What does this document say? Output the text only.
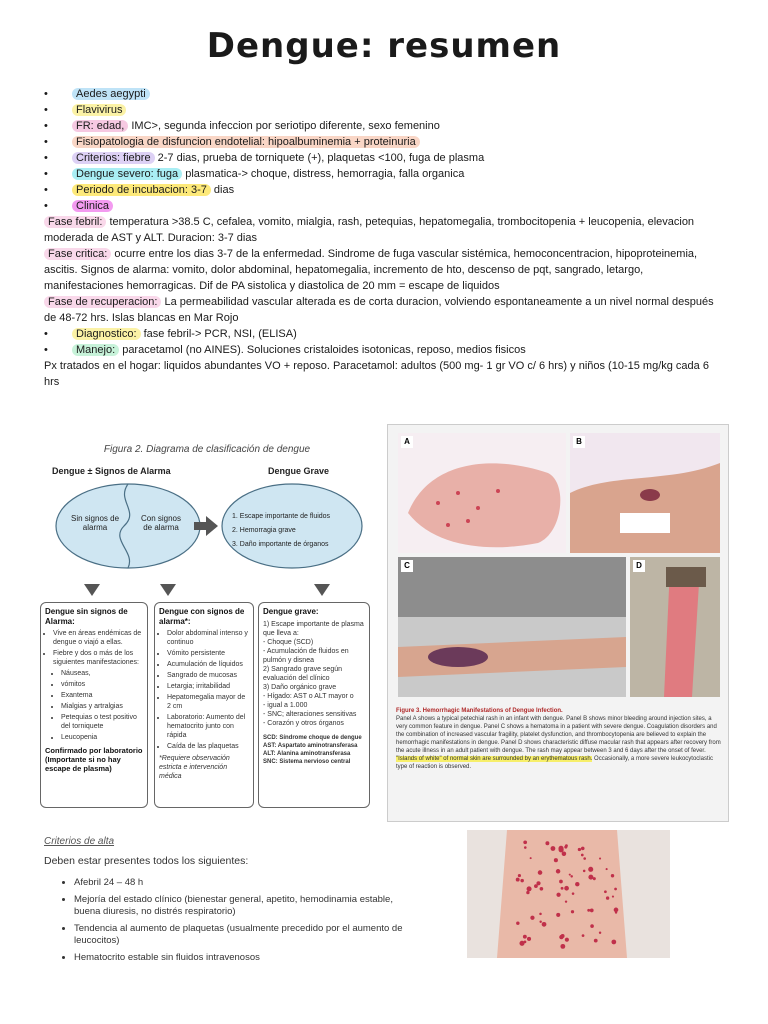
Dengue: resumen
•	Aedes aegypti
•	Flavivirus
•	FR: edad, IMC>, segunda infeccion por seriotipo diferente, sexo femenino
•	Fisiopatologia de disfuncion endotelial: hipoalbuminemia + proteinuria
•	Criterios: fiebre 2-7 dias, prueba de torniquete (+), plaquetas <100, fuga de plasma
•	Dengue severo: fuga plasmatica-> choque, distress, hemorragia, falla organica
•	Periodo de incubacion: 3-7 dias
•	Clinica
Fase febril: temperatura >38.5 C, cefalea, vomito, mialgia, rash, petequias, hepatomegalia, trombocitopenia + leucopenia, elevacion moderada de AST y ALT. Duracion: 3-7 dias
Fase critica: ocurre entre los dias 3-7 de la enfermedad. Sindrome de fuga vascular sistémica, hemoconcentracion, hipoproteinemia, ascitis. Signos de alarma: vomito, dolor abdominal, hepatomegalia, incremento de hto, descenso de pqt, sangrado, letargo, manifestaciones hemorragicas. Dif de PA sistolica y diastolica de 20 mm = escape de liquidos
Fase de recuperacion: La permeabilidad vascular alterada es de corta duracion, volviendo espontaneamente a un nivel normal después de 48-72 hrs. Islas blancas en Mar Rojo
•	Diagnostico: fase febril-> PCR, NSI, (ELISA)
•	Manejo: paracetamol (no AINES). Soluciones cristaloides isotonicas, reposo, medios fisicos
Px tratados en el hogar: liquidos abundantes VO + reposo. Paracetamol: adultos (500 mg- 1 gr VO c/ 6 hrs) y niños (10-15 mg/kg cada 6 hrs
Figura 2. Diagrama de clasificación de dengue
Dengue ± Signos de Alarma	Dengue Grave
Sin signos de alarma
Con signos de alarma
1. Escape importante de fluidos
2. Hemorragia grave
3. Daño importante de órganos
Dengue sin signos de Alarma:
• Vive en áreas endémicas de dengue o viajó a ellas.
• Fiebre y dos o más de los siguientes manifestaciones:
• Náuseas,
• vómitos
• Exantema
• Mialgias y artralgias
• Petequias o test positivo del torniquete
• Leucopenia
Confirmado por laboratorio (Importante si no hay escape de plasma)
Dengue con signos de alarma*:
• Dolor abdominal intenso y continuo
• Vómito persistente
• Acumulación de líquidos
• Sangrado de mucosas
• Letargia; irritabilidad
• Hepatomegalia mayor de 2 cm
• Laboratorio: Aumento del hematocrito junto con rápida
• Caída de las plaquetas
*Requiere observación estricta e intervención médica
Dengue grave:
1) Escape importante de plasma que lleva a:
- Choque (SCD)
- Acumulación de fluidos en pulmón y disnea
2) Sangrado grave según evaluación del clínico
3) Daño orgánico grave
- Hígado: AST o ALT mayor o
- igual a 1.000
- SNC; alteraciones sensitivas
- Corazón y otros órganos
SCD: Síndrome choque de dengue
AST: Aspartato aminotransferasa
ALT: Alanina aminotransferasa
SNC: Sistema nervioso central
A	B
C	D
Figure 3. Hemorrhagic Manifestations of Dengue Infection.
Panel A shows a typical petechial rash in an infant with dengue. Panel B shows minor bleeding around injection sites, a very common feature in dengue. Panel C shows a hematoma in a patient with severe dengue. Coagulation disorders and the combination of increased vascular fragility, platelet dysfunction, and thrombocytopenia are believed to explain the hemorrhagic manifestations in dengue. Panel D shows characteristic diffuse macular rash that appears after recovery from the acute illness in an adult patient with dengue. The rash may appear between 3 and 6 days after the onset of fever. "Islands of white" of normal skin are surrounded by an erythematous rash. Occasionally, a more severe leukocytoclastic type of reaction is observed.
Criterios de alta
Deben estar presentes todos los siguientes:
• Afebril 24 – 48 h
• Mejoría del estado clínico (bienestar general, apetito, hemodinamia estable, buena diuresis, no distrés respiratorio)
• Tendencia al aumento de plaquetas (usualmente precedido por el aumento de leucocitos)
• Hematocrito estable sin fluidos intravenosos
